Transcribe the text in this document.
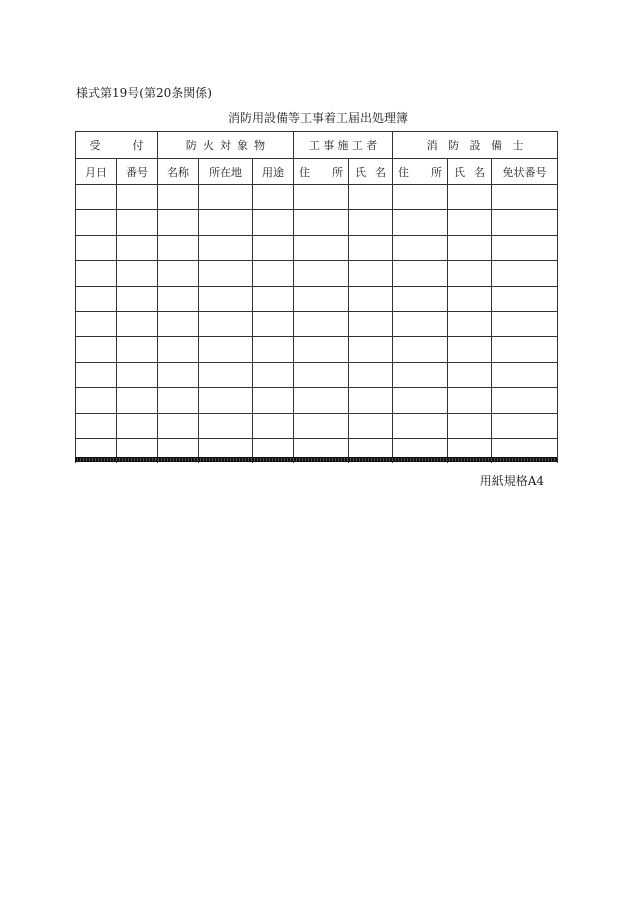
様式第19号(第20条関係)
消防用設備等工事着工届出処理簿
受　付		防火対象物			工事施工者		消防設備士		
月日	番号	名称	所在地	用途	住 所	氏 名	住 所	氏 名	免状番号

用紙規格A4
